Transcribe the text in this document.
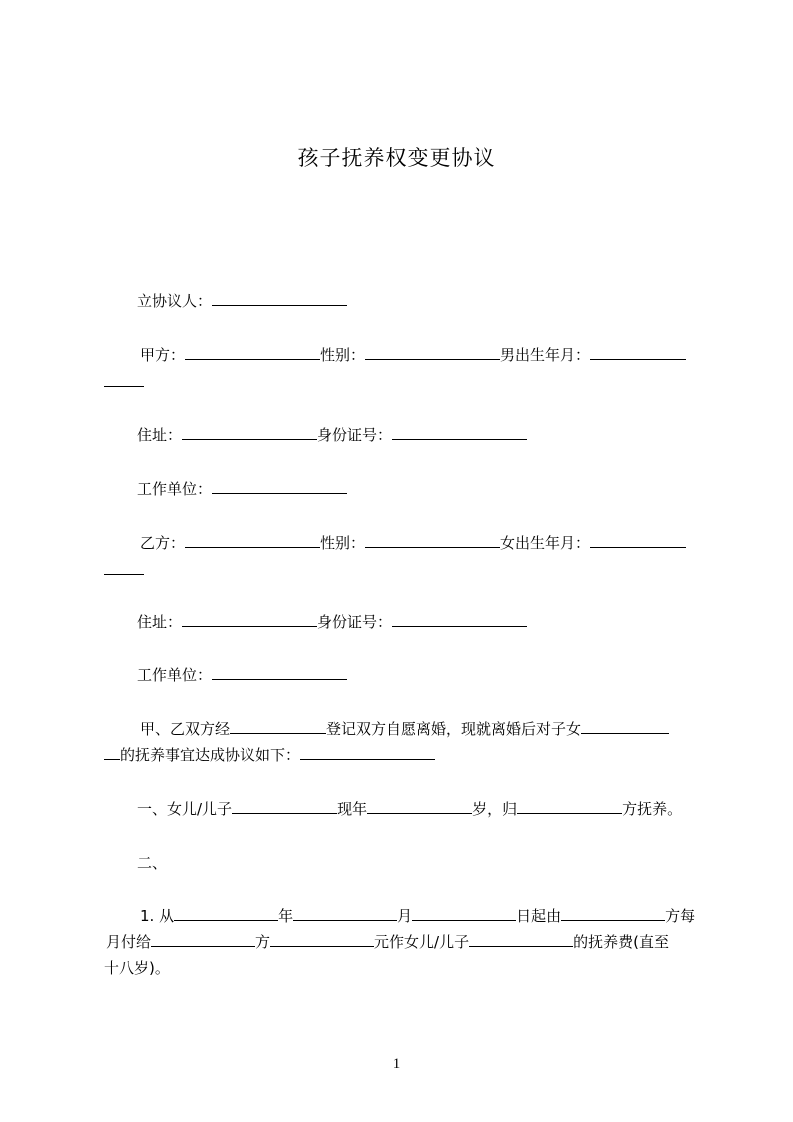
孩子抚养权变更协议
立协议人：
甲方：	性别：	男出生年月：
住址：	身份证号：
工作单位：
乙方：	性别：	女出生年月：
住址：	身份证号：
工作单位：
甲、乙双方经	登记双方自愿离婚，现就离婚后对子女
的抚养事宜达成协议如下：
一、女儿/儿子	现年	岁，归	方抚养。
二、
1. 从	年	月	日起由	方每
月付给	方	元作女儿/儿子	的抚养费(直至
十八岁)。
1
